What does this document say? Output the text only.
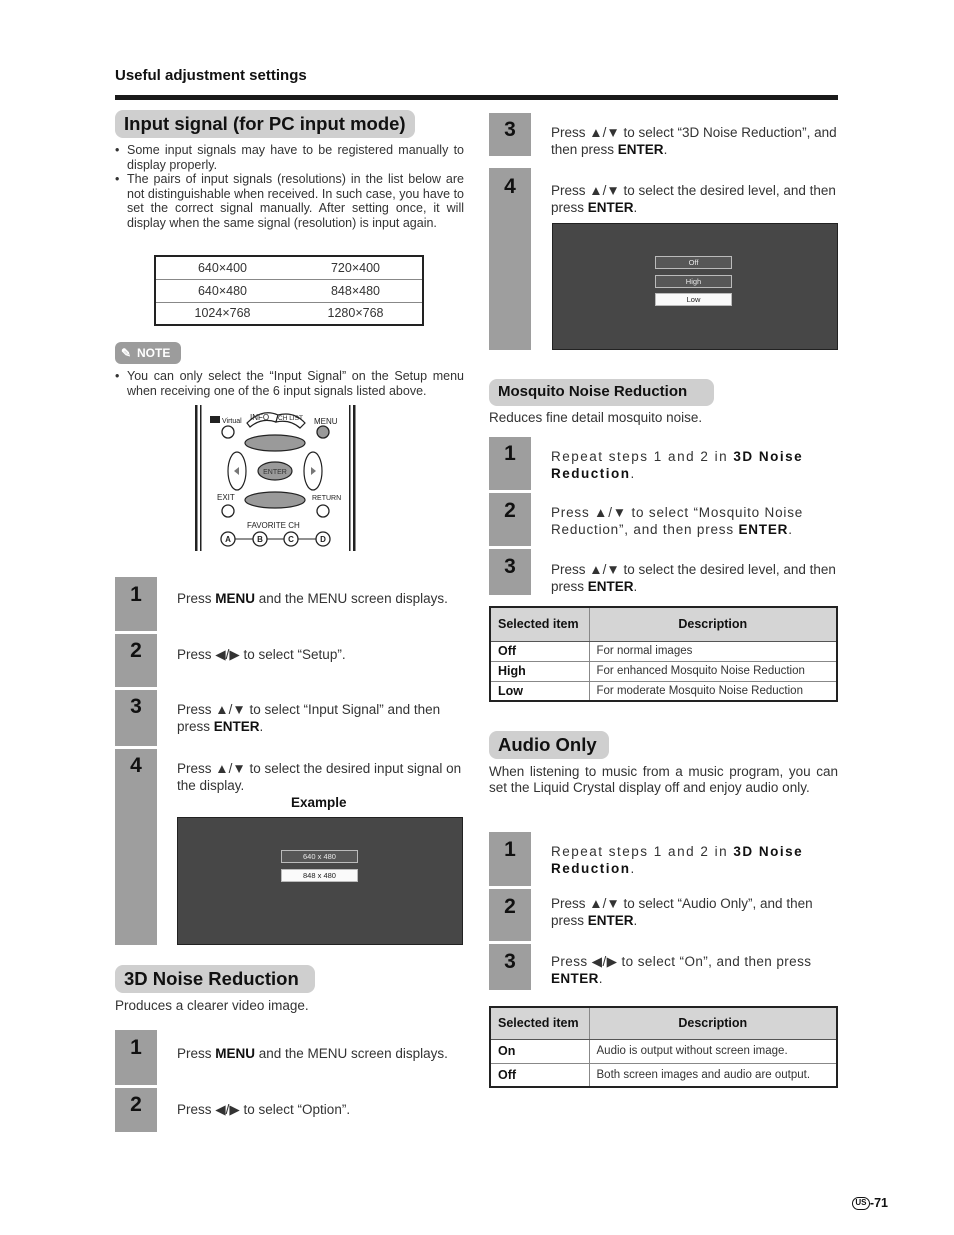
Useful adjustment settings
Input signal (for PC input mode)
• Some input signals may have to be registered manually to display properly.
• The pairs of input signals (resolutions) in the list below are not distinguishable when received. In such case, you have to set the correct signal manually. After setting once, it will display when the same signal (resolution) is input again.
640×400	720×400
640×480	848×480
1024×768	1280×768
✎ NOTE
• You can only select the “Input Signal” on the Setup menu when receiving one of the 6 input signals listed above.
Virtual INFO CH LIST MENU
ENTER
EXIT	RETURN
FAVORITE CH
A	B	C	D
1
2
3
4
Press MENU and the MENU screen displays.
Press ◀/▶ to select “Setup”.
Press ▲/▼ to select “Input Signal” and then press ENTER.
Press ▲/▼ to select the desired input signal on the display.
Example
640 x 480
848 x 480
3D Noise Reduction
Produces a clearer video image.
1
2
Press MENU and the MENU screen displays.
Press ◀/▶ to select “Option”.
3
4
Press ▲/▼ to select “3D Noise Reduction”, and then press ENTER.
Press ▲/▼ to select the desired level, and then press ENTER.
Off
High
Low
Mosquito Noise Reduction
Reduces fine detail mosquito noise.
1
2
3
Repeat steps 1 and 2 in 3D Noise Reduction.
Press ▲/▼ to select “Mosquito Noise Reduction”, and then press ENTER.
Press ▲/▼ to select the desired level, and then press ENTER.
Selected item	Description
Off	For normal images
High	For enhanced Mosquito Noise Reduction
Low	For moderate Mosquito Noise Reduction
Audio Only
When listening to music from a music program, you can set the Liquid Crystal display off and enjoy audio only.
1
2
3
Repeat steps 1 and 2 in 3D Noise Reduction.
Press ▲/▼ to select “Audio Only”, and then press ENTER.
Press ◀/▶ to select “On”, and then press ENTER.
Selected item	Description
On	Audio is output without screen image.
Off	Both screen images and audio are output.
US -71
